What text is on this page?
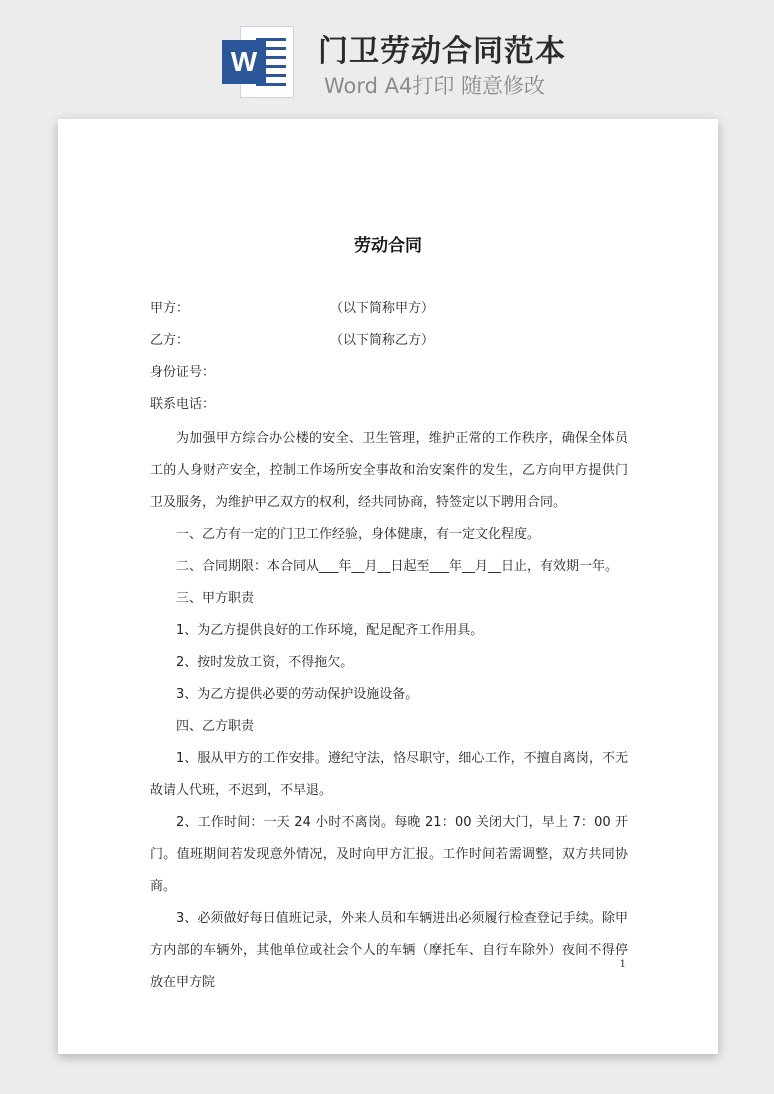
W 门卫劳动合同范本
Word A4打印 随意修改
劳动合同
甲方：	（以下简称甲方）
乙方：	（以下简称乙方）
身份证号：
联系电话：

为加强甲方综合办公楼的安全、卫生管理，维护正常的工作秩序，确保全体员工的人身财产安全，控制工作场所安全事故和治安案件的发生，乙方向甲方提供门卫及服务，为维护甲乙双方的权利，经共同协商，特签定以下聘用合同。

一、乙方有一定的门卫工作经验，身体健康，有一定文化程度。

二、合同期限：本合同从___年__月__日起至___年__月__日止，有效期一年。

三、甲方职责

1、为乙方提供良好的工作环境，配足配齐工作用具。

2、按时发放工资，不得拖欠。

3、为乙方提供必要的劳动保护设施设备。

四、乙方职责

1、服从甲方的工作安排。遵纪守法，恪尽职守，细心工作，不擅自离岗，不无故请人代班，不迟到，不早退。

2、工作时间：一天 24 小时不离岗。每晚 21：00 关闭大门，早上 7：00 开门。值班期间若发现意外情况，及时向甲方汇报。工作时间若需调整，双方共同协商。

3、必须做好每日值班记录，外来人员和车辆进出必须履行检查登记手续。除甲方内部的车辆外，其他单位或社会个人的车辆（摩托车、自行车除外）夜间不得停放在甲方院

1
